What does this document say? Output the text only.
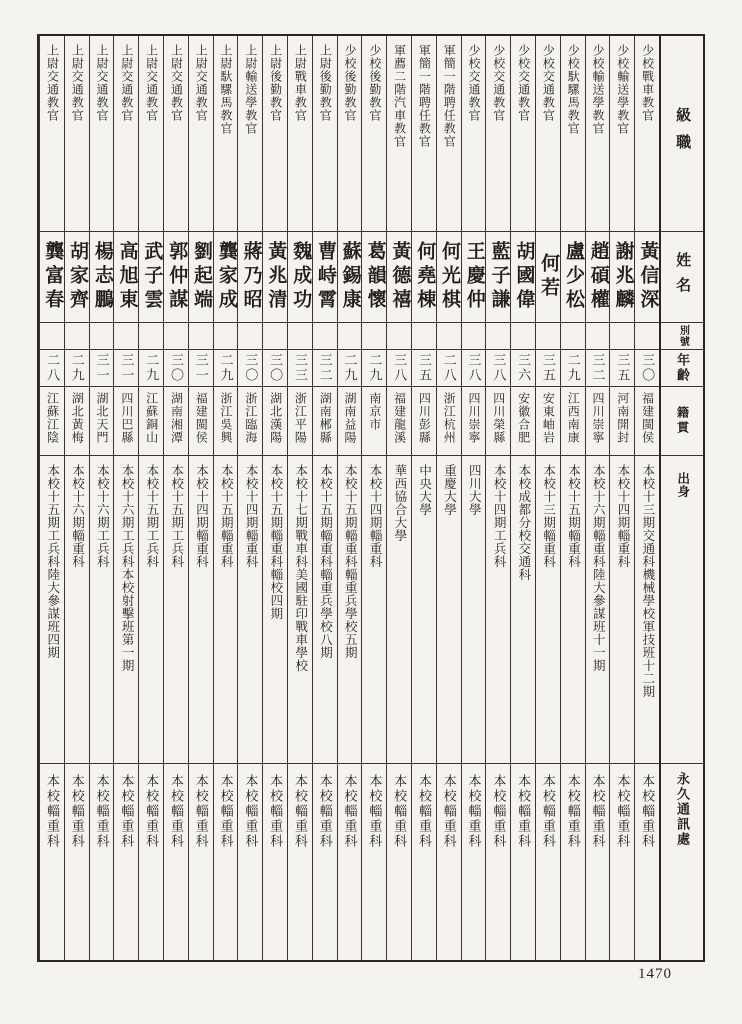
級職
姓名
別號
年齡
籍貫
出身
永久通訊處
少校戰車教官
黃信深
三〇
福建閩侯
本校十三期交通科機械學校軍技班十二期
本校輜重科
少校輸送學教官
謝兆麟
三五
河南開封
本校十四期輜重科
本校輜重科
少校輸送學教官
趙碩權
三二
四川崇寧
本校十六期輜重科陸大參謀班十一期
本校輜重科
少校馱騾馬教官
盧少松
二九
江西南康
本校十五期輜重科
本校輜重科
少校交通教官
何若
三五
安東岫岩
本校十三期輜重科
本校輜重科
少校交通教官
胡國偉
三六
安徽合肥
本校成都分校交通科
本校輜重科
少校交通教官
藍子謙
三八
四川榮縣
本校十四期工兵科
本校輜重科
少校交通教官
王慶仲
三八
四川崇寧
四川大學
本校輜重科
軍簡一階聘任教官
何光棋
二八
浙江杭州
重慶大學
本校輜重科
軍簡一階聘任教官
何堯棟
三五
四川彭縣
中央大學
本校輜重科
軍薦二階汽車教官
黃德禧
三八
福建龍溪
華西協合大學
本校輜重科
少校後勤教官
葛韻懷
二九
南京市
本校十四期輜重科
本校輜重科
少校後勤教官
蘇錫康
二九
湖南益陽
本校十五期輜重科輜重兵學校五期
本校輜重科
上尉後勤教官
曹峙霄
三二
湖南郴縣
本校十五期輜重科輜重兵學校八期
本校輜重科
上尉戰車教官
魏成功
三三
浙江平陽
本校十七期戰車科美國駐印戰車學校
本校輜重科
上尉後勤教官
黃兆清
三〇
湖北漢陽
本校十五期輜重科輜校四期
本校輜重科
上尉輸送學教官
蔣乃昭
三〇
浙江臨海
本校十四期輜重科
本校輜重科
上尉馱騾馬教官
龔家成
二九
浙江吳興
本校十五期輜重科
本校輜重科
上尉交通教官
劉起端
三一
福建閩侯
本校十四期輜重科
本校輜重科
上尉交通教官
郭仲謀
三〇
湖南湘潭
本校十五期工兵科
本校輜重科
上尉交通教官
武子雲
二九
江蘇銅山
本校十五期工兵科
本校輜重科
上尉交通教官
高旭東
三一
四川巴縣
本校十六期工兵科本校射擊班第一期
本校輜重科
上尉交通教官
楊志鵬
三一
湖北天門
本校十六期工兵科
本校輜重科
上尉交通教官
胡家齊
二九
湖北黃梅
本校十六期輜重科
本校輜重科
上尉交通教官
龔富春
二八
江蘇江陰
本校十五期工兵科陸大參謀班四期
本校輜重科
1470
